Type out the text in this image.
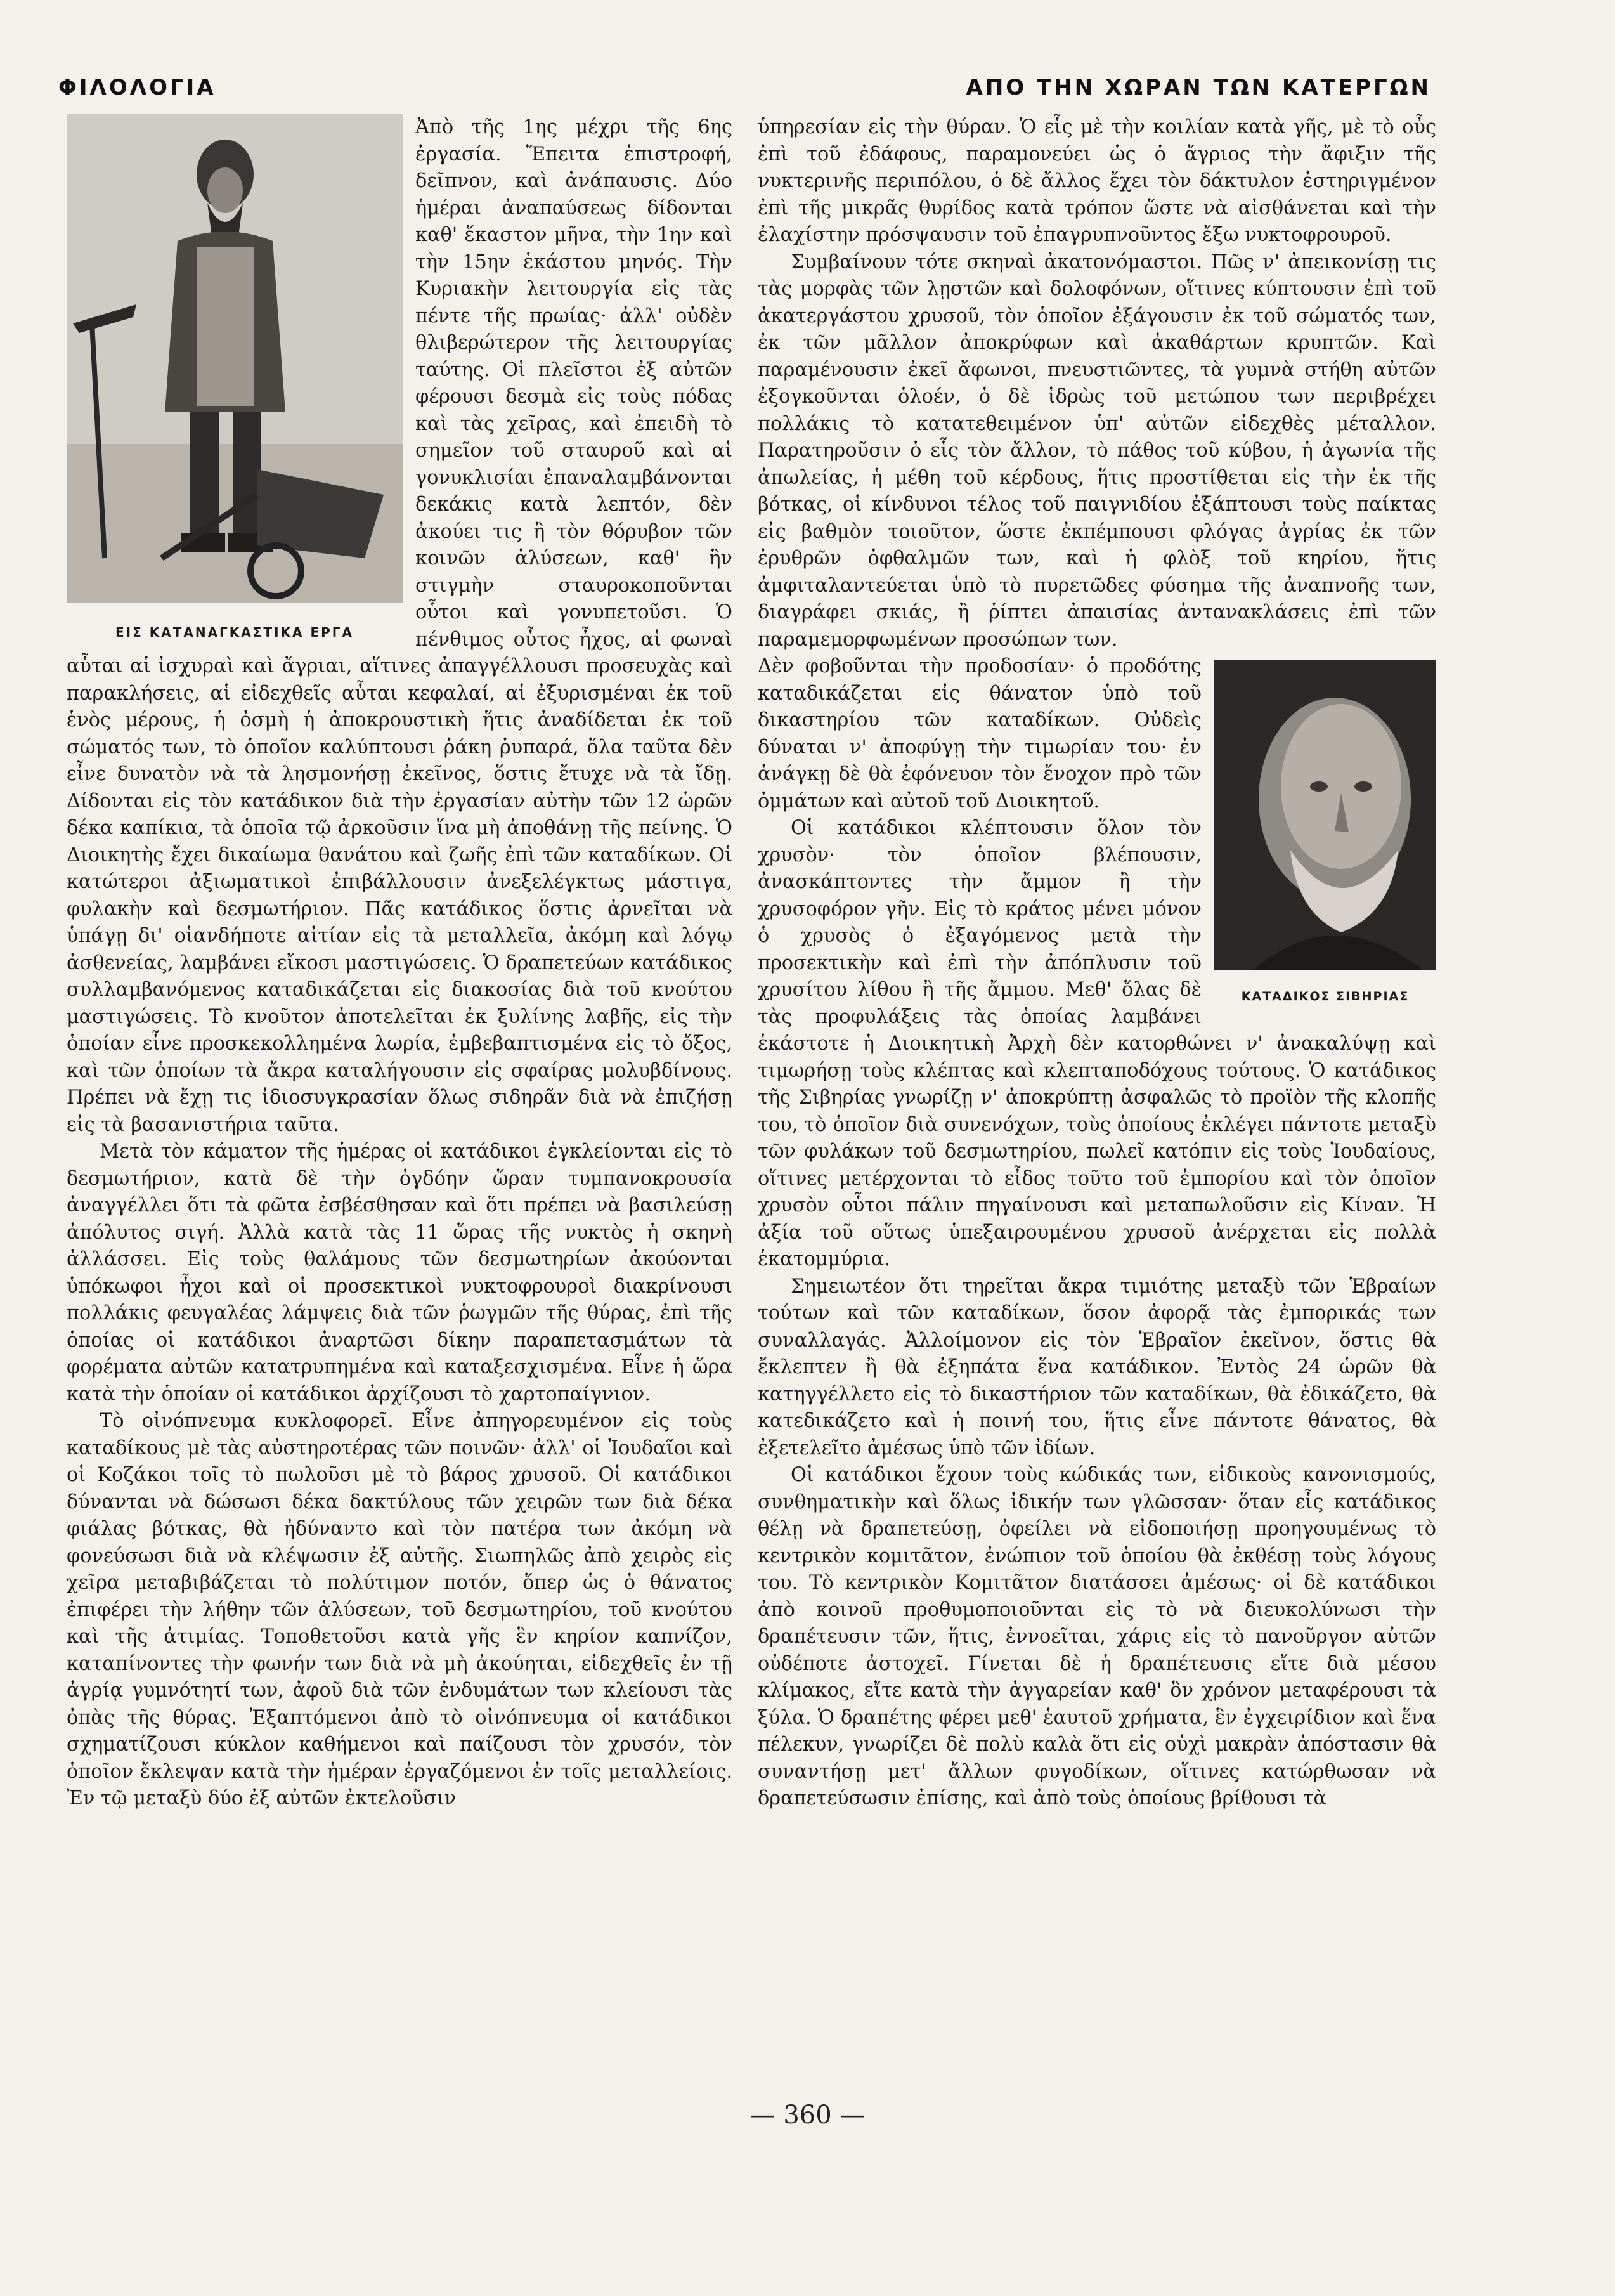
ΦΙΛΟΛΟΓΙΑ	ΑΠΟ ΤΗΝ ΧΩΡΑΝ ΤΩΝ ΚΑΤΕΡΓΩΝ
ΕΙΣ ΚΑΤΑΝΑΓΚΑΣΤΙΚΑ ΕΡΓΑ

Ἀπὸ τῆς 1ης μέχρι τῆς 6ης ἐργασία. Ἔπειτα ἐπιστροφή, δεῖπνον, καὶ ἀνάπαυσις. Δύο ἡμέραι ἀναπαύσεως δίδονται καθ' ἕκαστον μῆνα, τὴν 1ην καὶ τὴν 15ην ἑκάστου μηνός. Τὴν Κυριακὴν λειτουργία εἰς τὰς πέντε τῆς πρωίας· ἀλλ' οὐδὲν θλιβερώτερον τῆς λειτουργίας ταύτης. Οἱ πλεῖστοι ἐξ αὐτῶν φέρουσι δεσμὰ εἰς τοὺς πόδας καὶ τὰς χεῖρας, καὶ ἐπειδὴ τὸ σημεῖον τοῦ σταυροῦ καὶ αἱ γονυκλισίαι ἐπαναλαμβάνονται δεκάκις κατὰ λεπτόν, δὲν ἀκούει τις ἢ τὸν θόρυβον τῶν κοινῶν ἁλύσεων, καθ' ἣν στιγμὴν σταυροκοποῦνται οὗτοι καὶ γονυπετοῦσι. Ὁ πένθιμος οὗτος ἦχος, αἱ φωναὶ αὗται αἱ ἰσχυραὶ καὶ ἄγριαι, αἵτινες ἀπαγγέλλουσι προσευχὰς καὶ παρακλήσεις, αἱ εἰδεχθεῖς αὗται κεφαλαί, αἱ ἐξυρισμέναι ἐκ τοῦ ἑνὸς μέρους, ἡ ὀσμὴ ἡ ἀποκρουστικὴ ἥτις ἀναδίδεται ἐκ τοῦ σώματός των, τὸ ὁποῖον καλύπτουσι ῥάκη ῥυπαρά, ὅλα ταῦτα δὲν εἶνε δυνατὸν νὰ τὰ λησμονήσῃ ἐκεῖνος, ὅστις ἔτυχε νὰ τὰ ἴδῃ. Δίδονται εἰς τὸν κατάδικον διὰ τὴν ἐργασίαν αὐτὴν τῶν 12 ὡρῶν δέκα καπίκια, τὰ ὁποῖα τῷ ἀρκοῦσιν ἵνα μὴ ἀποθάνῃ τῆς πείνης. Ὁ Διοικητὴς ἔχει δικαίωμα θανάτου καὶ ζωῆς ἐπὶ τῶν καταδίκων. Οἱ κατώτεροι ἀξιωματικοὶ ἐπιβάλλουσιν ἀνεξελέγκτως μάστιγα, φυλακὴν καὶ δεσμωτήριον. Πᾶς κατάδικος ὅστις ἀρνεῖται νὰ ὑπάγῃ δι' οἱανδήποτε αἰτίαν εἰς τὰ μεταλλεῖα, ἀκόμη καὶ λόγῳ ἀσθενείας, λαμβάνει εἴκοσι μαστιγώσεις. Ὁ δραπετεύων κατάδικος συλλαμβανόμενος καταδικάζεται εἰς διακοσίας διὰ τοῦ κνούτου μαστιγώσεις. Τὸ κνοῦτον ἀποτελεῖται ἐκ ξυλίνης λαβῆς, εἰς τὴν ὁποίαν εἶνε προσκεκολλημένα λωρία, ἐμβεβαπτισμένα εἰς τὸ ὄξος, καὶ τῶν ὁποίων τὰ ἄκρα καταλήγουσιν εἰς σφαίρας μολυβδίνους. Πρέπει νὰ ἔχῃ τις ἰδιοσυγκρασίαν ὅλως σιδηρᾶν διὰ νὰ ἐπιζήσῃ εἰς τὰ βασανιστήρια ταῦτα.

Μετὰ τὸν κάματον τῆς ἡμέρας οἱ κατάδικοι ἐγκλείονται εἰς τὸ δεσμωτήριον, κατὰ δὲ τὴν ὀγδόην ὥραν τυμπανοκρουσία ἀναγγέλλει ὅτι τὰ φῶτα ἐσβέσθησαν καὶ ὅτι πρέπει νὰ βασιλεύσῃ ἀπόλυτος σιγή. Ἀλλὰ κατὰ τὰς 11 ὥρας τῆς νυκτὸς ἡ σκηνὴ ἀλλάσσει. Εἰς τοὺς θαλάμους τῶν δεσμωτηρίων ἀκούονται ὑπόκωφοι ἦχοι καὶ οἱ προσεκτικοὶ νυκτοφρουροὶ διακρίνουσι πολλάκις φευγαλέας λάμψεις διὰ τῶν ῥωγμῶν τῆς θύρας, ἐπὶ τῆς ὁποίας οἱ κατάδικοι ἀναρτῶσι δίκην παραπετασμάτων τὰ φορέματα αὐτῶν κατατρυπημένα καὶ καταξεσχισμένα. Εἶνε ἡ ὥρα κατὰ τὴν ὁποίαν οἱ κατάδικοι ἀρχίζουσι τὸ χαρτοπαίγνιον.

Τὸ οἰνόπνευμα κυκλοφορεῖ. Εἶνε ἀπηγορευμένον εἰς τοὺς καταδίκους μὲ τὰς αὐστηροτέρας τῶν ποινῶν· ἀλλ' οἱ Ἰουδαῖοι καὶ οἱ Κοζάκοι τοῖς τὸ πωλοῦσι μὲ τὸ βάρος χρυσοῦ. Οἱ κατάδικοι δύνανται νὰ δώσωσι δέκα δακτύλους τῶν χειρῶν των διὰ δέκα φιάλας βότκας, θὰ ἠδύναντο καὶ τὸν πατέρα των ἀκόμη νὰ φονεύσωσι διὰ νὰ κλέψωσιν ἐξ αὐτῆς. Σιωπηλῶς ἀπὸ χειρὸς εἰς χεῖρα μεταβιβάζεται τὸ πολύτιμον ποτόν, ὅπερ ὡς ὁ θάνατος ἐπιφέρει τὴν λήθην τῶν ἁλύσεων, τοῦ δεσμωτηρίου, τοῦ κνούτου καὶ τῆς ἀτιμίας. Τοποθετοῦσι κατὰ γῆς ἓν κηρίον καπνίζον, καταπίνοντες τὴν φωνήν των διὰ νὰ μὴ ἀκούηται, εἰδεχθεῖς ἐν τῇ ἀγρίᾳ γυμνότητί των, ἀφοῦ διὰ τῶν ἐνδυμάτων των κλείουσι τὰς ὀπὰς τῆς θύρας. Ἐξαπτόμενοι ἀπὸ τὸ οἰνόπνευμα οἱ κατάδικοι σχηματίζουσι κύκλον καθήμενοι καὶ παίζουσι τὸν χρυσόν, τὸν ὁποῖον ἔκλεψαν κατὰ τὴν ἡμέραν ἐργαζόμενοι ἐν τοῖς μεταλλείοις. Ἐν τῷ μεταξὺ δύο ἐξ αὐτῶν ἐκτελοῦσιν

ὑπηρεσίαν εἰς τὴν θύραν. Ὁ εἷς μὲ τὴν κοιλίαν κατὰ γῆς, μὲ τὸ οὖς ἐπὶ τοῦ ἐδάφους, παραμονεύει ὡς ὁ ἄγριος τὴν ἄφιξιν τῆς νυκτερινῆς περιπόλου, ὁ δὲ ἄλλος ἔχει τὸν δάκτυλον ἐστηριγμένον ἐπὶ τῆς μικρᾶς θυρίδος κατὰ τρόπον ὥστε νὰ αἰσθάνεται καὶ τὴν ἐλαχίστην πρόσψαυσιν τοῦ ἐπαγρυπνοῦντος ἔξω νυκτοφρουροῦ.

Συμβαίνουν τότε σκηναὶ ἀκατονόμαστοι. Πῶς ν' ἀπεικονίσῃ τις τὰς μορφὰς τῶν λῃστῶν καὶ δολοφόνων, οἵτινες κύπτουσιν ἐπὶ τοῦ ἀκατεργάστου χρυσοῦ, τὸν ὁποῖον ἐξάγουσιν ἐκ τοῦ σώματός των, ἐκ τῶν μᾶλλον ἀποκρύφων καὶ ἀκαθάρτων κρυπτῶν. Καὶ παραμένουσιν ἐκεῖ ἄφωνοι, πνευστιῶντες, τὰ γυμνὰ στήθη αὐτῶν ἐξογκοῦνται ὁλοέν, ὁ δὲ ἱδρὼς τοῦ μετώπου των περιβρέχει πολλάκις τὸ κατατεθειμένον ὑπ' αὐτῶν εἰδεχθὲς μέταλλον. Παρατηροῦσιν ὁ εἷς τὸν ἄλλον, τὸ πάθος τοῦ κύβου, ἡ ἀγωνία τῆς ἀπωλείας, ἡ μέθη τοῦ κέρδους, ἥτις προστίθεται εἰς τὴν ἐκ τῆς βότκας, οἱ κίνδυνοι τέλος τοῦ παιγνιδίου ἐξάπτουσι τοὺς παίκτας εἰς βαθμὸν τοιοῦτον, ὥστε ἐκπέμπουσι φλόγας ἀγρίας ἐκ τῶν ἐρυθρῶν ὀφθαλμῶν των, καὶ ἡ φλὸξ τοῦ κηρίου, ἥτις ἀμφιταλαντεύεται ὑπὸ τὸ πυρετῶδες φύσημα τῆς ἀναπνοῆς των, διαγράφει σκιάς, ἢ ῥίπτει ἀπαισίας ἀντανακλάσεις ἐπὶ τῶν παραμεμορφωμένων προσώπων των.

ΚΑΤΑΔΙΚΟΣ ΣΙΒΗΡΙΑΣ

Δὲν φοβοῦνται τὴν προδοσίαν· ὁ προδότης καταδικάζεται εἰς θάνατον ὑπὸ τοῦ δικαστηρίου τῶν καταδίκων. Οὐδεὶς δύναται ν' ἀποφύγῃ τὴν τιμωρίαν του· ἐν ἀνάγκῃ δὲ θὰ ἐφόνευον τὸν ἔνοχον πρὸ τῶν ὀμμάτων καὶ αὐτοῦ τοῦ Διοικητοῦ.

Οἱ κατάδικοι κλέπτουσιν ὅλον τὸν χρυσὸν· τὸν ὁποῖον βλέπουσιν, ἀνασκάπτοντες τὴν ἄμμον ἢ τὴν χρυσοφόρον γῆν. Εἰς τὸ κράτος μένει μόνον ὁ χρυσὸς ὁ ἐξαγόμενος μετὰ τὴν προσεκτικὴν καὶ ἐπὶ τὴν ἀπόπλυσιν τοῦ χρυσίτου λίθου ἢ τῆς ἄμμου. Μεθ' ὅλας δὲ τὰς προφυλάξεις τὰς ὁποίας λαμβάνει ἑκάστοτε ἡ Διοικητικὴ Ἀρχὴ δὲν κατορθώνει ν' ἀνακαλύψῃ καὶ τιμωρήσῃ τοὺς κλέπτας καὶ κλεπταποδόχους τούτους. Ὁ κατάδικος τῆς Σιβηρίας γνωρίζῃ ν' ἀποκρύπτῃ ἀσφαλῶς τὸ προϊὸν τῆς κλοπῆς του, τὸ ὁποῖον διὰ συνενόχων, τοὺς ὁποίους ἐκλέγει πάντοτε μεταξὺ τῶν φυλάκων τοῦ δεσμωτηρίου, πωλεῖ κατόπιν εἰς τοὺς Ἰουδαίους, οἵτινες μετέρχονται τὸ εἶδος τοῦτο τοῦ ἐμπορίου καὶ τὸν ὁποῖον χρυσὸν οὗτοι πάλιν πηγαίνουσι καὶ μεταπωλοῦσιν εἰς Κίναν. Ἡ ἀξία τοῦ οὕτως ὑπεξαιρουμένου χρυσοῦ ἀνέρχεται εἰς πολλὰ ἑκατομμύρια.

Σημειωτέον ὅτι τηρεῖται ἄκρα τιμιότης μεταξὺ τῶν Ἑβραίων τούτων καὶ τῶν καταδίκων, ὅσον ἀφορᾷ τὰς ἐμπορικάς των συναλλαγάς. Ἀλλοίμονον εἰς τὸν Ἑβραῖον ἐκεῖνον, ὅστις θὰ ἔκλεπτεν ἢ θὰ ἐξηπάτα ἕνα κατάδικον. Ἐντὸς 24 ὡρῶν θὰ κατηγγέλλετο εἰς τὸ δικαστήριον τῶν καταδίκων, θὰ ἐδικάζετο, θὰ κατεδικάζετο καὶ ἡ ποινή του, ἥτις εἶνε πάντοτε θάνατος, θὰ ἐξετελεῖτο ἀμέσως ὑπὸ τῶν ἰδίων.

Οἱ κατάδικοι ἔχουν τοὺς κώδικάς των, εἰδικοὺς κανονισμούς, συνθηματικὴν καὶ ὅλως ἰδικήν των γλῶσσαν· ὅταν εἷς κατάδικος θέλῃ νὰ δραπετεύσῃ, ὀφείλει νὰ εἰδοποιήσῃ προηγουμένως τὸ κεντρικὸν κομιτᾶτον, ἐνώπιον τοῦ ὁποίου θὰ ἐκθέσῃ τοὺς λόγους του. Τὸ κεντρικὸν Κομιτᾶτον διατάσσει ἀμέσως· οἱ δὲ κατάδικοι ἀπὸ κοινοῦ προθυμοποιοῦνται εἰς τὸ νὰ διευκολύνωσι τὴν δραπέτευσιν τῶν, ἥτις, ἐννοεῖται, χάρις εἰς τὸ πανοῦργον αὐτῶν οὐδέποτε ἀστοχεῖ. Γίνεται δὲ ἡ δραπέτευσις εἴτε διὰ μέσου κλίμακος, εἴτε κατὰ τὴν ἀγγαρείαν καθ' ὃν χρόνον μεταφέρουσι τὰ ξύλα. Ὁ δραπέτης φέρει μεθ' ἑαυτοῦ χρήματα, ἓν ἐγχειρίδιον καὶ ἕνα πέλεκυν, γνωρίζει δὲ πολὺ καλὰ ὅτι εἰς οὐχὶ μακρὰν ἀπόστασιν θὰ συναντήσῃ μετ' ἄλλων φυγοδίκων, οἵτινες κατώρθωσαν νὰ δραπετεύσωσιν ἐπίσης, καὶ ἀπὸ τοὺς ὁποίους βρίθουσι τὰ

— 360 —
